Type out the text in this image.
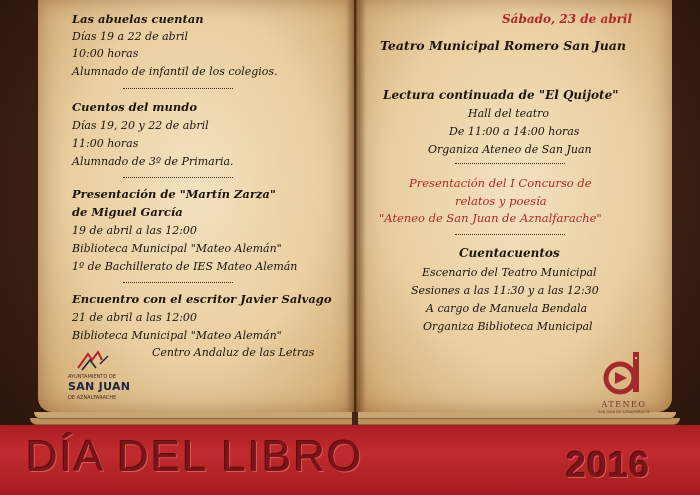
Las abuelas cuentan
Días 19 a 22 de abril
10:00 horas
Alumnado de infantil de los colegios.
Cuentos del mundo
Días 19, 20 y 22 de abril
11:00 horas
Alumnado de 3º de Primaria.
Presentación de "Martín Zarza"
de Miguel García
19 de abril a las 12:00
Biblioteca Municipal "Mateo Alemán"
1º de Bachillerato de IES Mateo Alemán
Encuentro con el escritor Javier Salvago
21 de abril a las 12:00
Biblioteca Municipal "Mateo Alemán"
Centro Andaluz de las Letras
AYUNTAMIENTO DE
SAN JUAN
DE AZNALFARACHE
Sábado, 23 de abril
Teatro Municipal Romero San Juan
Lectura continuada de "El Quijote"
Hall del teatro
De 11:00 a 14:00 horas
Organiza Ateneo de San Juan
Presentación del I Concurso de
relatos y poesía
"Ateneo de San Juan de Aznalfarache"
Cuentacuentos
Escenario del Teatro Municipal
Sesiones a las 11:30 y a las 12:30
A cargo de Manuela Bendala
Organiza Biblioteca Municipal
ATENEO
SAN JUAN DE AZNALFARACHE
DÍA DEL LIBRO	2016
